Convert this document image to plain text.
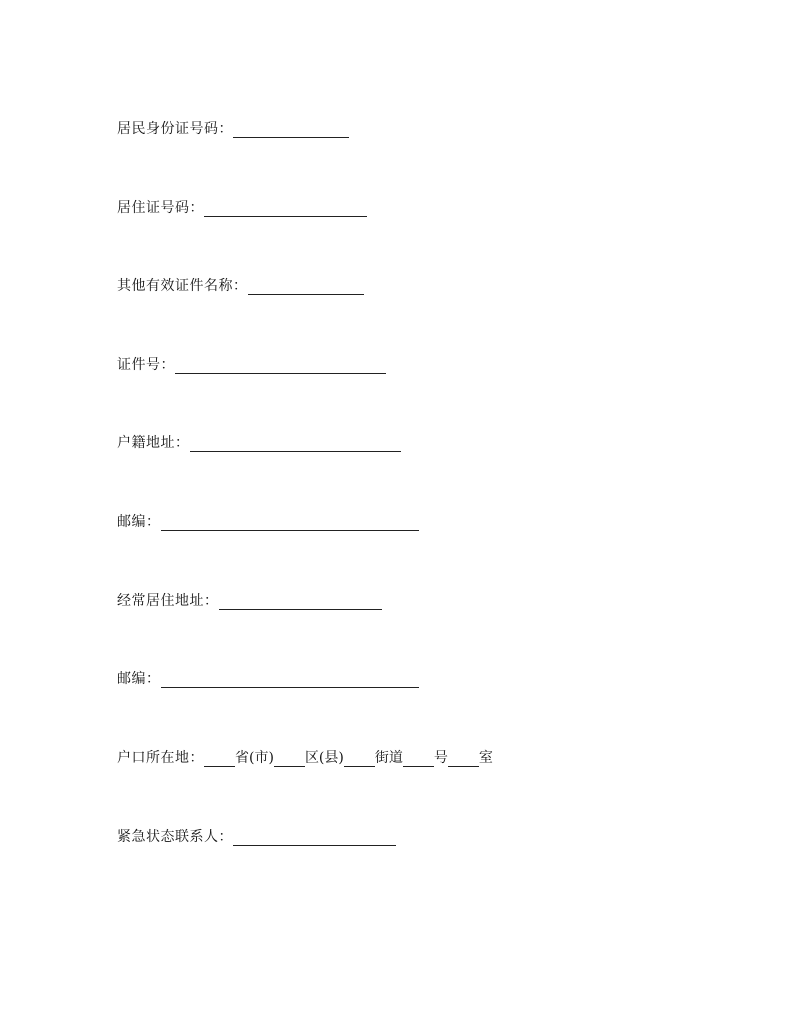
居民身份证号码：
居住证号码：
其他有效证件名称：
证件号：
户籍地址：
邮编：
经常居住地址：
邮编：
户口所在地： 省(市) 区(县) 街道 号 室
紧急状态联系人：
